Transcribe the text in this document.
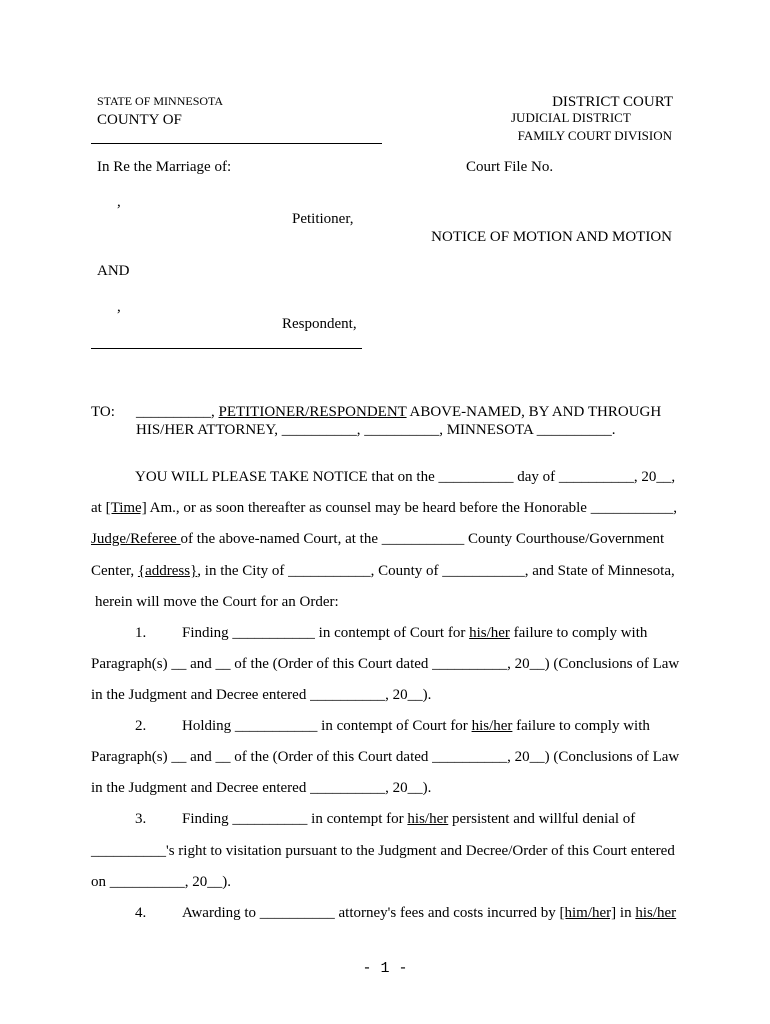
STATE OF MINNESOTA
COUNTY OF
DISTRICT COURT
JUDICIAL DISTRICT
FAMILY COURT DIVISION
In Re the Marriage of:	Court File No.
,
Petitioner,
NOTICE OF MOTION AND MOTION
AND
,
Respondent,
TO: __________, PETITIONER/RESPONDENT ABOVE-NAMED, BY AND THROUGH
HIS/HER ATTORNEY, __________, __________, MINNESOTA __________.
YOU WILL PLEASE TAKE NOTICE that on the __________ day of __________, 20__,
at [Time] Am., or as soon thereafter as counsel may be heard before the Honorable ___________,
Judge/Referee of the above-named Court, at the ___________ County Courthouse/Government
Center, {address}, in the City of ___________, County of ___________, and State of Minnesota,
herein will move the Court for an Order:
1. Finding ___________ in contempt of Court for his/her failure to comply with
Paragraph(s) __ and __ of the (Order of this Court dated __________, 20__) (Conclusions of Law
in the Judgment and Decree entered __________, 20__).
2. Holding ___________ in contempt of Court for his/her failure to comply with
Paragraph(s) __ and __ of the (Order of this Court dated __________, 20__) (Conclusions of Law
in the Judgment and Decree entered __________, 20__).
3. Finding __________ in contempt for his/her persistent and willful denial of
__________'s right to visitation pursuant to the Judgment and Decree/Order of this Court entered
on __________, 20__).
4. Awarding to __________ attorney's fees and costs incurred by [him/her] in his/her
- 1 -
